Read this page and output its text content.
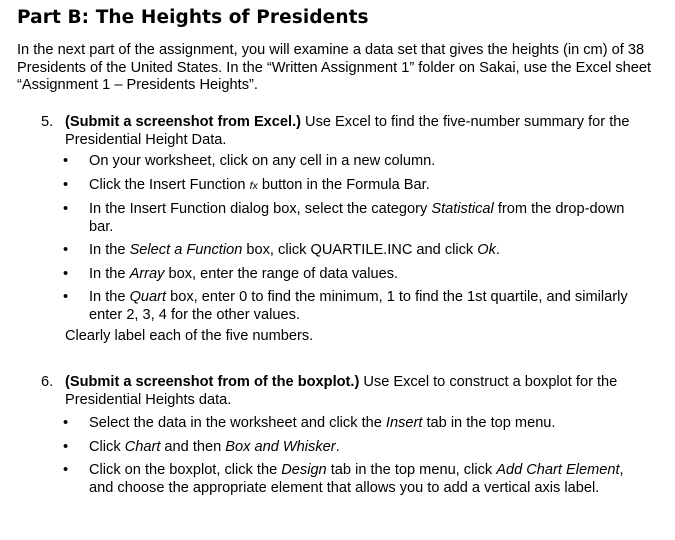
Part B: The Heights of Presidents

In the next part of the assignment, you will examine a data set that gives the heights (in cm) of 38 Presidents of the United States. In the “Written Assignment 1” folder on Sakai, use the Excel sheet “Assignment 1 – Presidents Heights”.

5. (Submit a screenshot from Excel.) Use Excel to find the five-number summary for the Presidential Height Data.
• On your worksheet, click on any cell in a new column.
• Click the Insert Function fx button in the Formula Bar.
• In the Insert Function dialog box, select the category Statistical from the drop-down bar.
• In the Select a Function box, click QUARTILE.INC and click Ok.
• In the Array box, enter the range of data values.
• In the Quart box, enter 0 to find the minimum, 1 to find the 1st quartile, and similarly enter 2, 3, 4 for the other values.
Clearly label each of the five numbers.
6. (Submit a screenshot from of the boxplot.) Use Excel to construct a boxplot for the Presidential Heights data.
• Select the data in the worksheet and click the Insert tab in the top menu.
• Click Chart and then Box and Whisker.
• Click on the boxplot, click the Design tab in the top menu, click Add Chart Element, and choose the appropriate element that allows you to add a vertical axis label.
